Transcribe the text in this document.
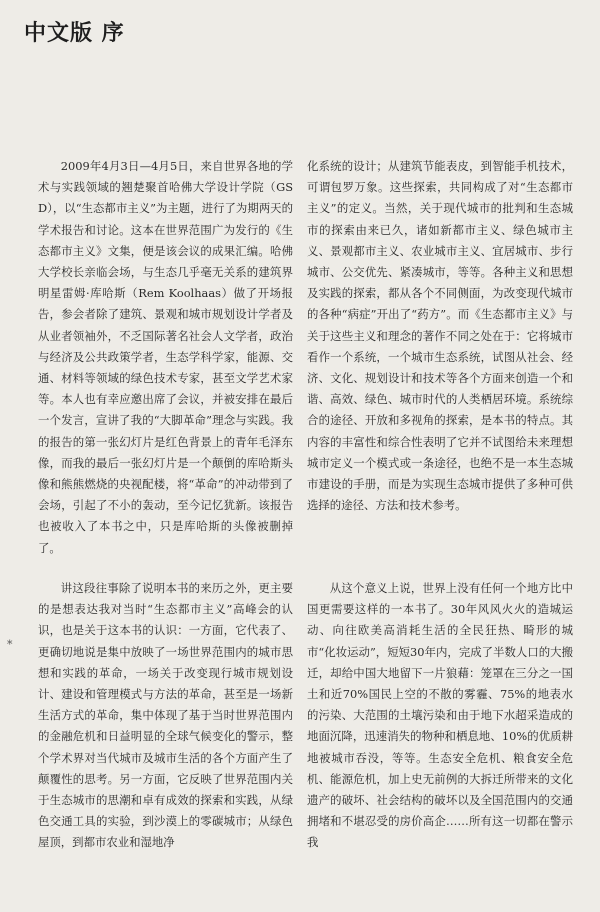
中文版 序

2009年4月3日—4月5日，来自世界各地的学术与实践领域的翘楚聚首哈佛大学设计学院（GSD），以“生态都市主义”为主题，进行了为期两天的学术报告和讨论。这本在世界范围广为发行的《生态都市主义》文集，便是该会议的成果汇编。哈佛大学校长亲临会场，与生态几乎毫无关系的建筑界明星雷姆·库哈斯（Rem Koolhaas）做了开场报告，参会者除了建筑、景观和城市规划设计学者及从业者领袖外，不乏国际著名社会人文学者，政治与经济及公共政策学者，生态学科学家，能源、交通、材料等领域的绿色技术专家，甚至文学艺术家等。本人也有幸应邀出席了会议，并被安排在最后一个发言，宣讲了我的“大脚革命”理念与实践。我的报告的第一张幻灯片是红色背景上的青年毛泽东像，而我的最后一张幻灯片是一个颠倒的库哈斯头像和熊熊燃烧的央视配楼，将“革命”的冲动带到了会场，引起了不小的轰动，至今记忆犹新。该报告也被收入了本书之中，只是库哈斯的头像被删掉了。

化系统的设计；从建筑节能表皮，到智能手机技术，可谓包罗万象。这些探索，共同构成了对“生态都市主义”的定义。当然，关于现代城市的批判和生态城市的探索由来已久，诸如新都市主义、绿色城市主义、景观都市主义、农业城市主义、宜居城市、步行城市、公交优先、紧凑城市，等等。各种主义和思想及实践的探索，都从各个不同侧面，为改变现代城市的各种“病症”开出了“药方”。而《生态都市主义》与关于这些主义和理念的著作不同之处在于：它将城市看作一个系统，一个城市生态系统，试图从社会、经济、文化、规划设计和技术等各个方面来创造一个和谐、高效、绿色、城市时代的人类栖居环境。系统综合的途径、开放和多视角的探索，是本书的特点。其内容的丰富性和综合性表明了它并不试图给未来理想城市定义一个模式或一条途径，也绝不是一本生态城市建设的手册，而是为实现生态城市提供了多种可供选择的途径、方法和技术参考。

*

讲这段往事除了说明本书的来历之外，更主要的是想表达我对当时“生态都市主义”高峰会的认识，也是关于这本书的认识：一方面，它代表了、更确切地说是集中放映了一场世界范围内的城市思想和实践的革命，一场关于改变现行城市规划设计、建设和管理模式与方法的革命，甚至是一场新生活方式的革命，集中体现了基于当时世界范围内的金融危机和日益明显的全球气候变化的警示，整个学术界对当代城市及城市生活的各个方面产生了颠覆性的思考。另一方面，它反映了世界范围内关于生态城市的思潮和卓有成效的探索和实践，从绿色交通工具的实验，到沙漠上的零碳城市；从绿色屋顶，到都市农业和湿地净

从这个意义上说，世界上没有任何一个地方比中国更需要这样的一本书了。30年风风火火的造城运动、向往欧美高消耗生活的全民狂热、畸形的城市“化妆运动”，短短30年内，完成了半数人口的大搬迁，却给中国大地留下一片狼藉：笼罩在三分之一国土和近70%国民上空的不散的雾霾、75%的地表水的污染、大范围的土壤污染和由于地下水超采造成的地面沉降，迅速消失的物种和栖息地、10%的优质耕地被城市吞没，等等。生态安全危机、粮食安全危机、能源危机，加上史无前例的大拆迁所带来的文化遗产的破坏、社会结构的破坏以及全国范围内的交通拥堵和不堪忍受的房价高企……所有这一切都在警示我
